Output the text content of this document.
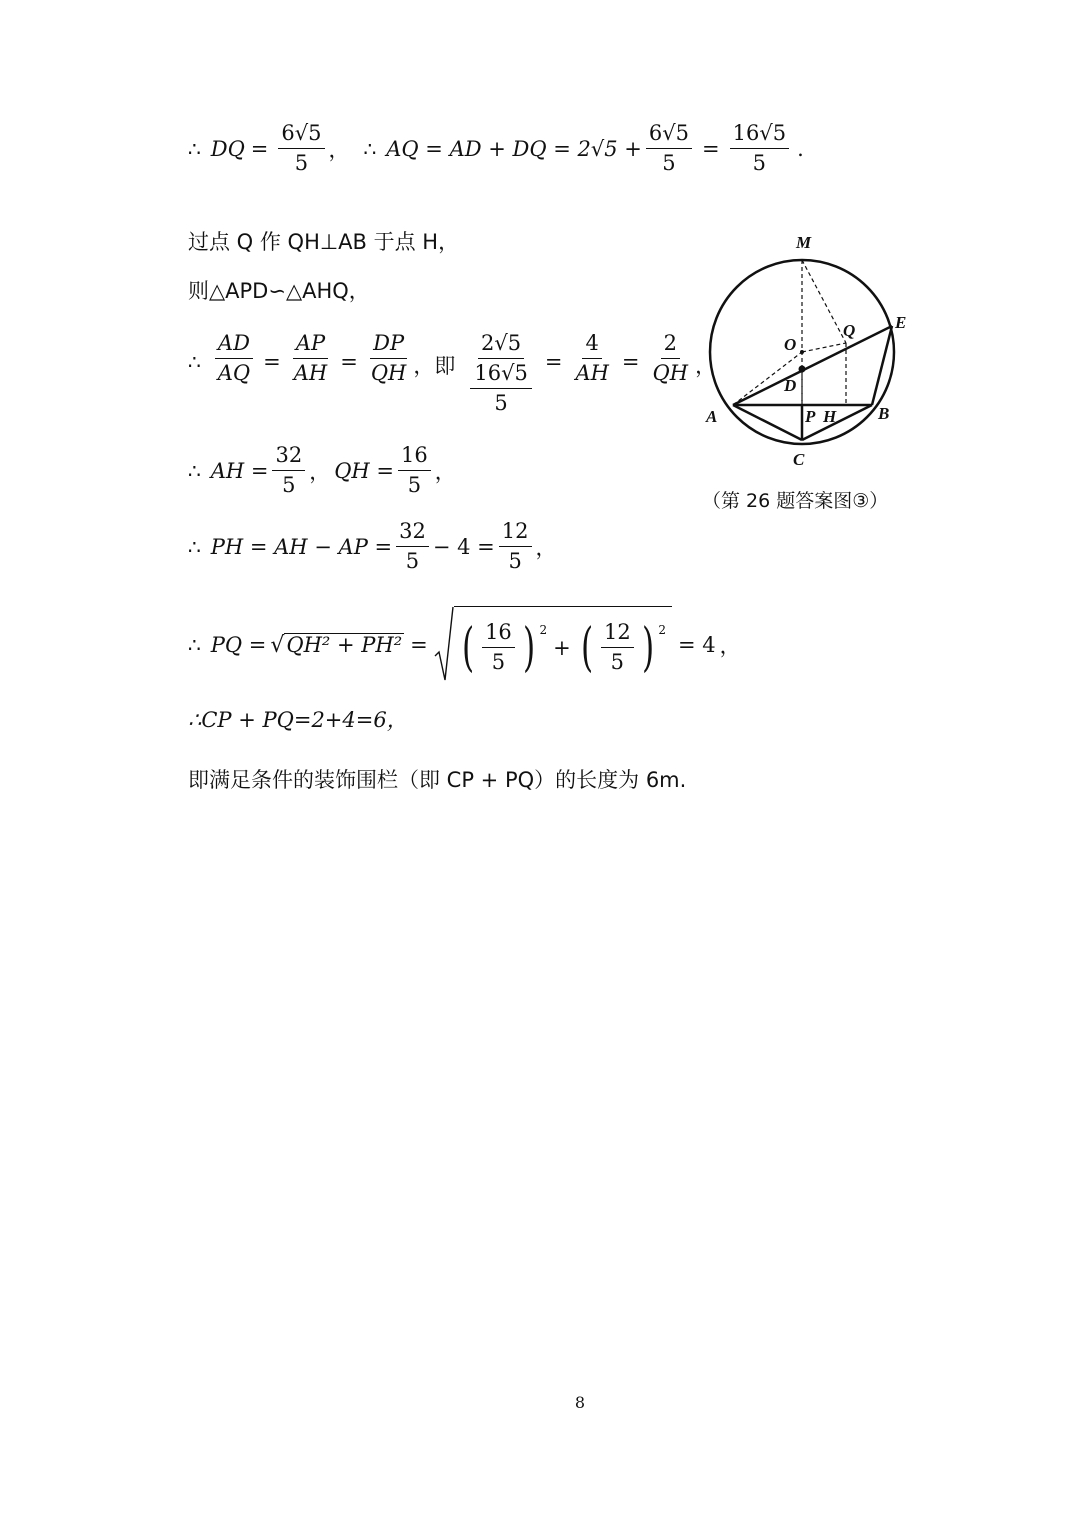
∴ DQ = $\frac{6√5}{5}$ ， ∴ AQ = AD + DQ = $2√5 + \frac{6√5}{5} = \frac{16√5}{5}$ .
过点 Q 作 QH⊥AB 于点 H，
则△APD∽△AHQ，
∴ $\frac{AD}{AQ} = \frac{AP}{AH} = \frac{DP}{QH}$ ，即 $\frac{2√5}{\frac{16√5}{5}} = \frac{4}{AH} = \frac{2}{QH}$ ，
∴ AH = $\frac{32}{5}$ ， QH = $\frac{16}{5}$ ，
∴ PH = AH − AP = $\frac{32}{5} - 4 = \frac{12}{5}$ ，
∴ PQ = √ QH² + PH² = ( $\frac{16}{5}$ ) $^2$
+ ( $\frac{12}{5}$ ) $^2$
= 4 ，
∴CP + PQ=2+4=6，
即满足条件的装饰围栏（即 CP + PQ）的长度为 6m.
M
O
Q E
D
A	P H B
C
（第 26 题答案图③）
8
